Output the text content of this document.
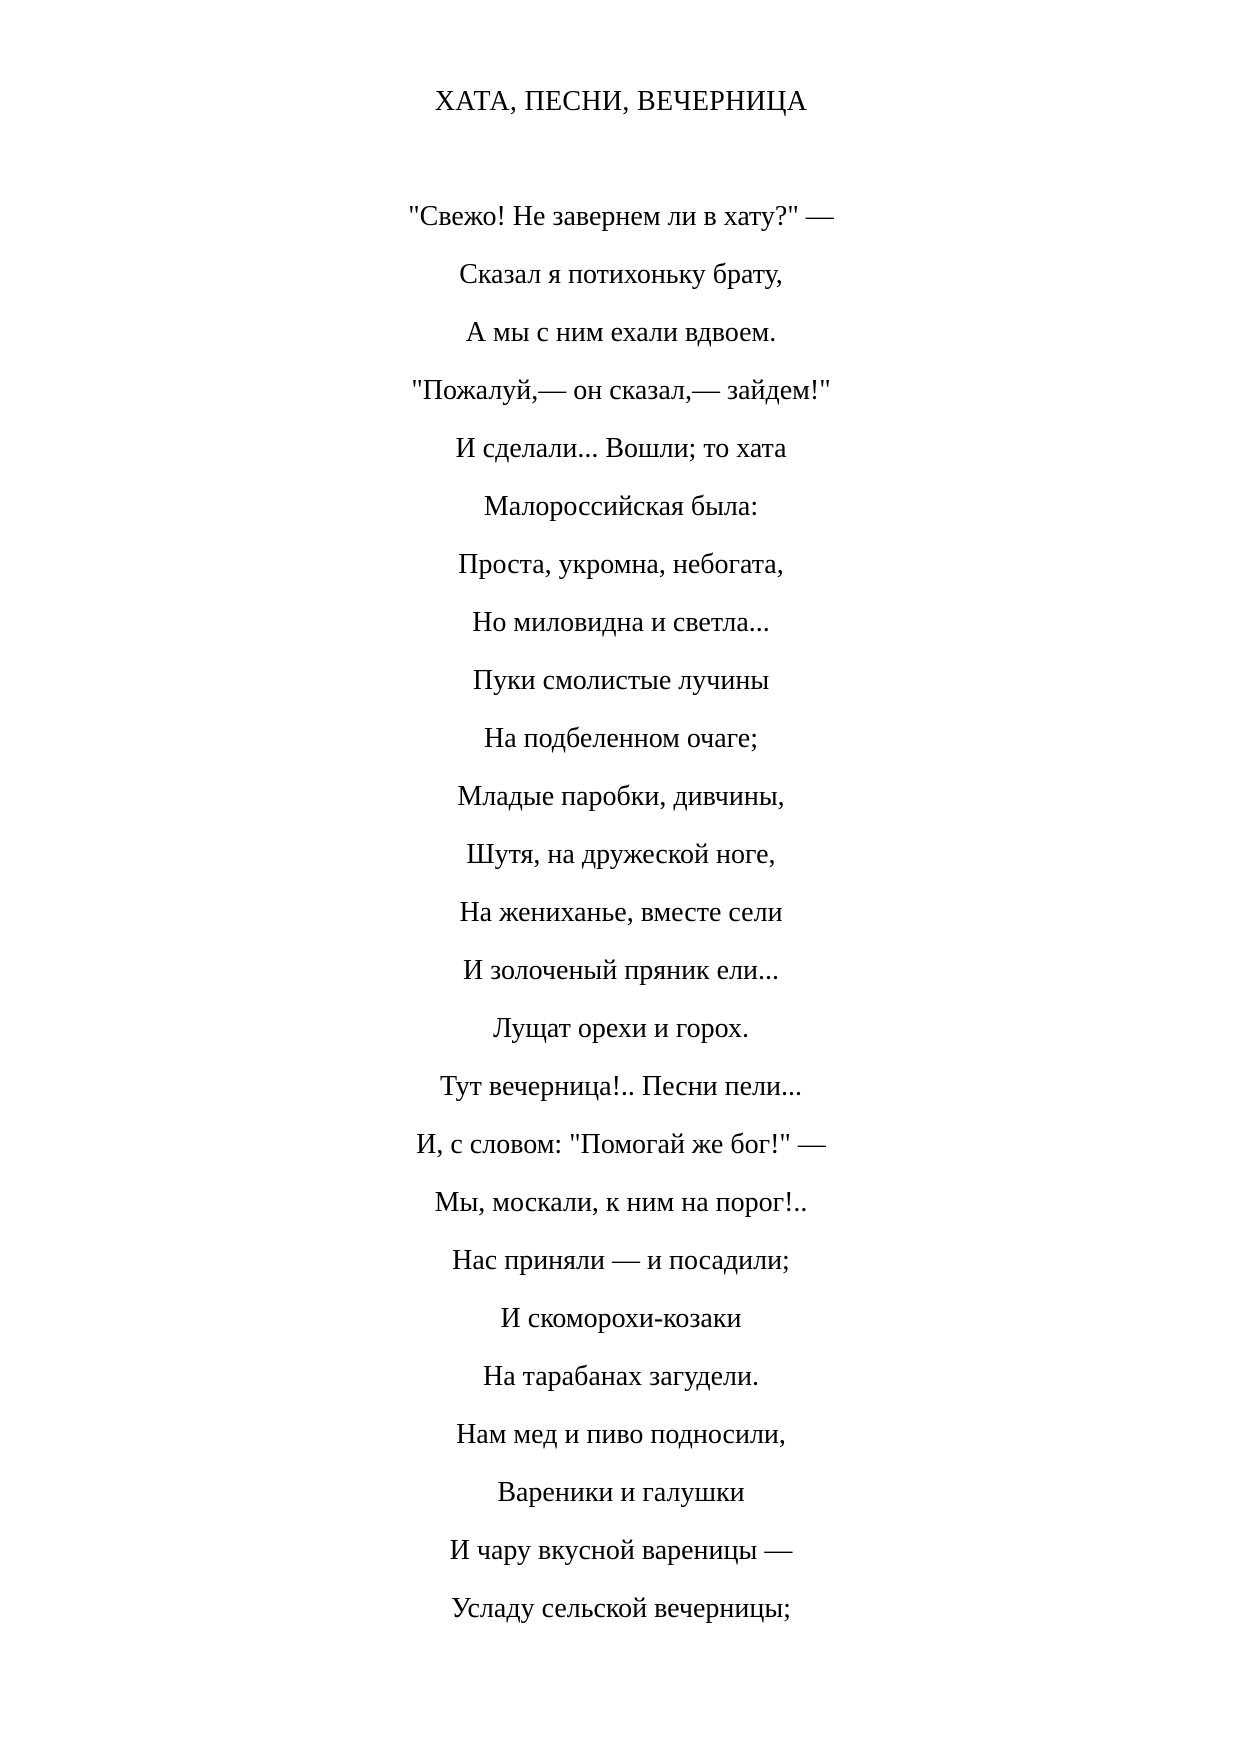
ХАТА, ПЕСНИ, ВЕЧЕРНИЦА
"Свежо! Не завернем ли в хату?" —
Сказал я потихоньку брату,
А мы с ним ехали вдвоем.
"Пожалуй,— он сказал,— зайдем!"
И сделали... Вошли; то хата
Малороссийская была:
Проста, укромна, небогата,
Но миловидна и светла...
Пуки смолистые лучины
На подбеленном очаге;
Младые паробки, дивчины,
Шутя, на дружеской ноге,
На жениханье, вместе сели
И золоченый пряник ели...
Лущат орехи и горох.
Тут вечерница!.. Песни пели...
И, с словом: "Помогай же бог!" —
Мы, москали, к ним на порог!..
Нас приняли — и посадили;
И скоморохи-козаки
На тарабанах загудели.
Нам мед и пиво подносили,
Вареники и галушки
И чару вкусной вареницы —
Усладу сельской вечерницы;
